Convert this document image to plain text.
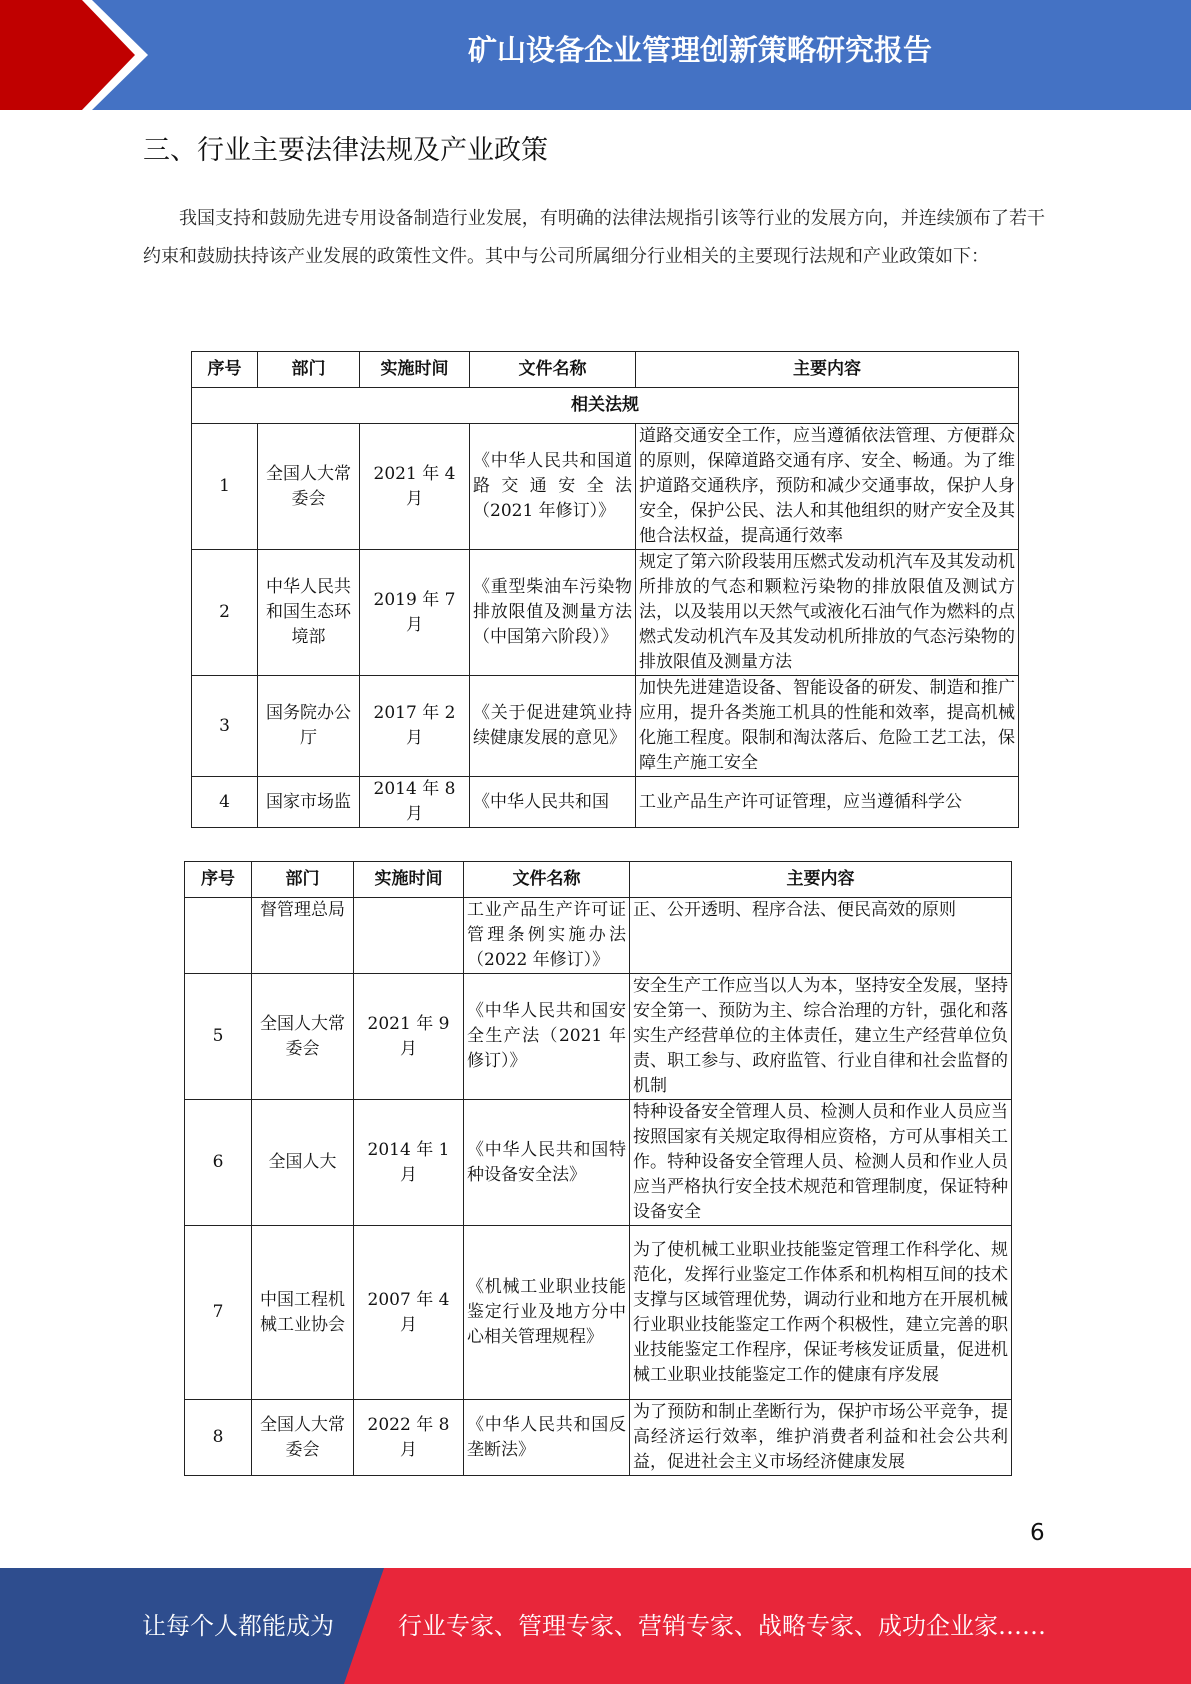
矿山设备企业管理创新策略研究报告
三、行业主要法律法规及产业政策
我国支持和鼓励先进专用设备制造行业发展，有明确的法律法规指引该等行业的发展方向，并连续颁布了若干约束和鼓励扶持该产业发展的政策性文件。其中与公司所属细分行业相关的主要现行法规和产业政策如下：
序号	部门	实施时间	文件名称	主要内容
相关法规				
1	全国人大常委会	2021 年 4 月	《中华人民共和国道路交通安全法（2021 年修订）》	道路交通安全工作，应当遵循依法管理、方便群众的原则，保障道路交通有序、安全、畅通。为了维护道路交通秩序，预防和减少交通事故，保护人身安全，保护公民、法人和其他组织的财产安全及其他合法权益，提高通行效率
2	中华人民共和国生态环境部	2019 年 7 月	《重型柴油车污染物排放限值及测量方法（中国第六阶段）》	规定了第六阶段装用压燃式发动机汽车及其发动机所排放的气态和颗粒污染物的排放限值及测试方法，以及装用以天然气或液化石油气作为燃料的点燃式发动机汽车及其发动机所排放的气态污染物的排放限值及测量方法
3	国务院办公厅	2017 年 2 月	《关于促进建筑业持续健康发展的意见》	加快先进建造设备、智能设备的研发、制造和推广应用，提升各类施工机具的性能和效率，提高机械化施工程度。限制和淘汰落后、危险工艺工法，保障生产施工安全
4	国家市场监	2014 年 8 月	《中华人民共和国	工业产品生产许可证管理，应当遵循科学公
序号	部门	实施时间	文件名称	主要内容
	督管理总局		工业产品生产许可证管理条例实施办法（2022 年修订）》	正、公开透明、程序合法、便民高效的原则
5	全国人大常委会	2021 年 9 月	《中华人民共和国安全生产法（2021 年修订）》	安全生产工作应当以人为本，坚持安全发展，坚持安全第一、预防为主、综合治理的方针，强化和落实生产经营单位的主体责任，建立生产经营单位负责、职工参与、政府监管、行业自律和社会监督的机制
6	全国人大	2014 年 1 月	《中华人民共和国特种设备安全法》	特种设备安全管理人员、检测人员和作业人员应当按照国家有关规定取得相应资格，方可从事相关工作。特种设备安全管理人员、检测人员和作业人员应当严格执行安全技术规范和管理制度，保证特种设备安全
7	中国工程机械工业协会	2007 年 4 月	《机械工业职业技能鉴定行业及地方分中心相关管理规程》	为了使机械工业职业技能鉴定管理工作科学化、规范化，发挥行业鉴定工作体系和机构相互间的技术支撑与区域管理优势，调动行业和地方在开展机械行业职业技能鉴定工作两个积极性，建立完善的职业技能鉴定工作程序，保证考核发证质量，促进机械工业职业技能鉴定工作的健康有序发展
8	全国人大常委会	2022 年 8 月	《中华人民共和国反垄断法》	为了预防和制止垄断行为，保护市场公平竞争，提高经济运行效率，维护消费者利益和社会公共利益，促进社会主义市场经济健康发展
6
让每个人都能成为	行业专家、管理专家、营销专家、战略专家、成功企业家……
